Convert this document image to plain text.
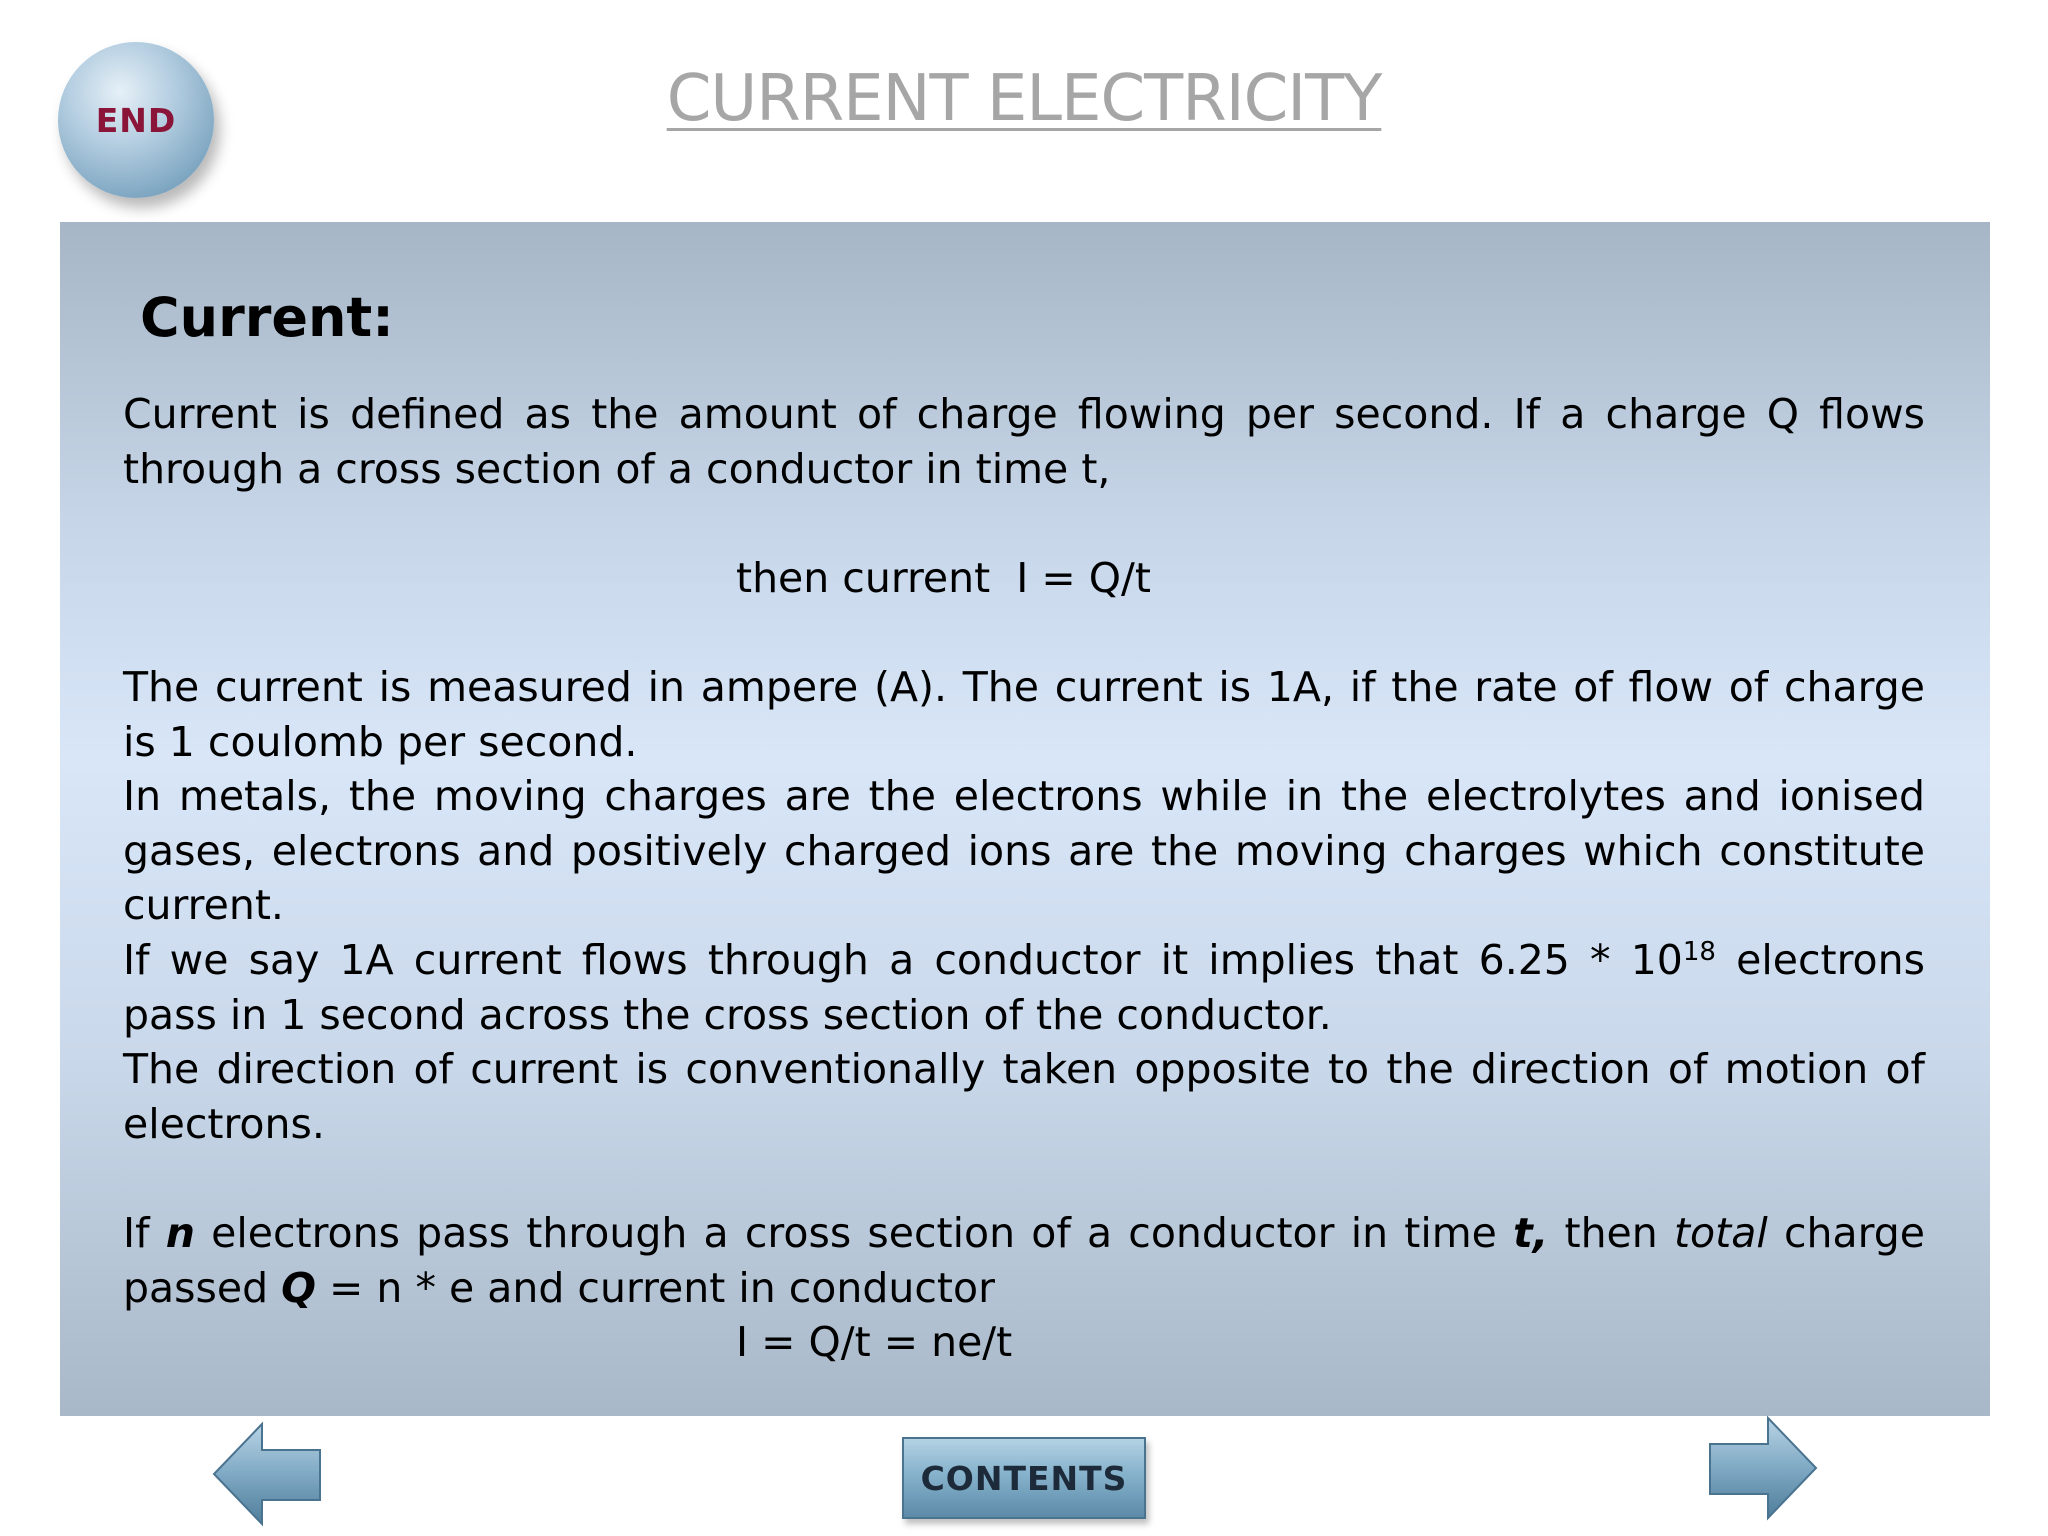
END	CURRENT ELECTRICITY
Current:
Current is defined as the amount of charge flowing per second. If a charge Q flows through a cross section of a conductor in time t,
then current  I = Q/t
The current is measured in ampere (A). The current is 1A, if the rate of flow of charge is 1 coulomb per second.
In metals, the moving charges are the electrons while in the electrolytes and ionised gases, electrons and positively charged ions are the moving charges which constitute current.
If we say 1A current flows through a conductor it implies that $6.25 * 10^{18}$ electrons pass in 1 second across the cross section of the conductor.
The direction of current is conventionally taken opposite to the direction of motion of electrons.
If n electrons pass through a cross section of a conductor in time t, then total charge passed Q = n * e and current in conductor
I = Q/t = ne/t
CONTENTS
